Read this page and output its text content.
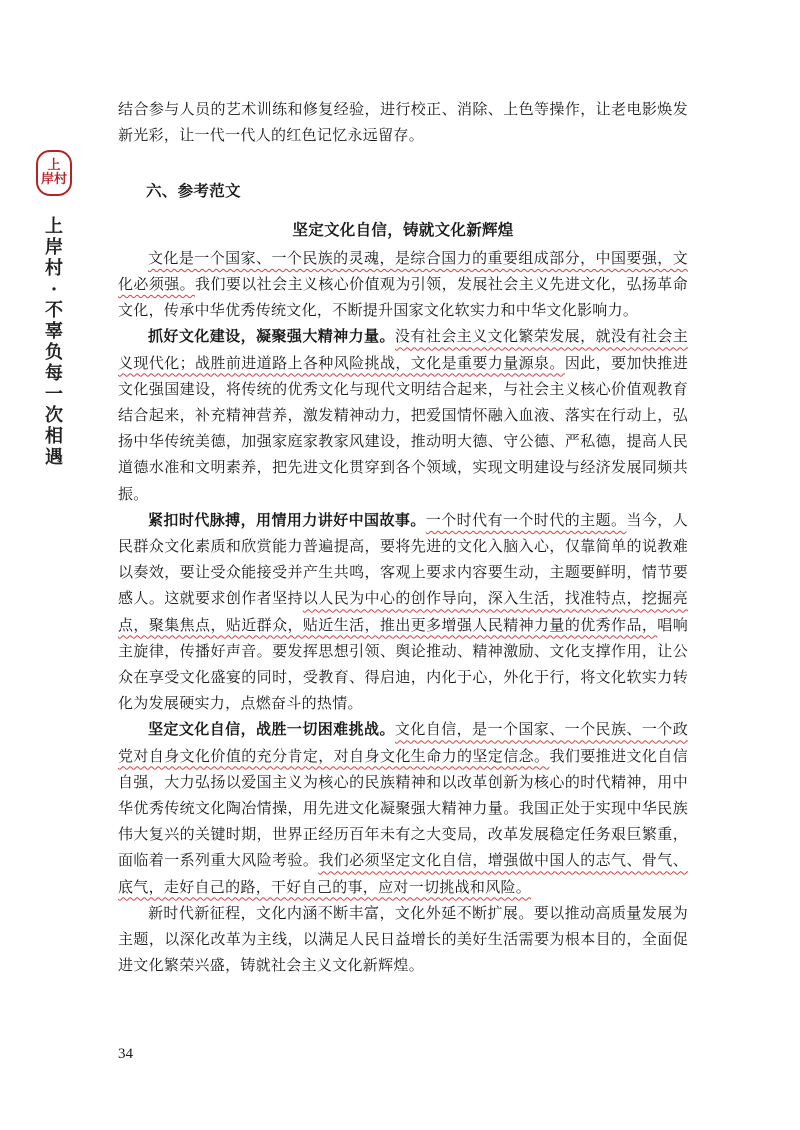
上
岸村
上
岸
村
·
不
辜
负
每
一
次
相
遇

结合参与人员的艺术训练和修复经验，进行校正、消除、上色等操作，让老电影焕发新光彩，让一代一代人的红色记忆永远留存。

六、参考范文
坚定文化自信，铸就文化新辉煌

文化是一个国家、一个民族的灵魂，是综合国力的重要组成部分，中国要强，文化必须强。我们要以社会主义核心价值观为引领，发展社会主义先进文化，弘扬革命文化，传承中华优秀传统文化，不断提升国家文化软实力和中华文化影响力。

抓好文化建设，凝聚强大精神力量。没有社会主义文化繁荣发展，就没有社会主义现代化；战胜前进道路上各种风险挑战，文化是重要力量源泉。因此，要加快推进文化强国建设，将传统的优秀文化与现代文明结合起来，与社会主义核心价值观教育结合起来，补充精神营养，激发精神动力，把爱国情怀融入血液、落实在行动上，弘扬中华传统美德，加强家庭家教家风建设，推动明大德、守公德、严私德，提高人民道德水准和文明素养，把先进文化贯穿到各个领域，实现文明建设与经济发展同频共振。

紧扣时代脉搏，用情用力讲好中国故事。一个时代有一个时代的主题。当今，人民群众文化素质和欣赏能力普遍提高，要将先进的文化入脑入心，仅靠简单的说教难以奏效，要让受众能接受并产生共鸣，客观上要求内容要生动，主题要鲜明，情节要感人。这就要求创作者坚持以人民为中心的创作导向，深入生活，找准特点，挖掘亮点，聚集焦点，贴近群众，贴近生活，推出更多增强人民精神力量的优秀作品，唱响主旋律，传播好声音。要发挥思想引领、舆论推动、精神激励、文化支撑作用，让公众在享受文化盛宴的同时，受教育、得启迪，内化于心，外化于行，将文化软实力转化为发展硬实力，点燃奋斗的热情。

坚定文化自信，战胜一切困难挑战。文化自信，是一个国家、一个民族、一个政党对自身文化价值的充分肯定，对自身文化生命力的坚定信念。我们要推进文化自信自强，大力弘扬以爱国主义为核心的民族精神和以改革创新为核心的时代精神，用中华优秀传统文化陶冶情操，用先进文化凝聚强大精神力量。我国正处于实现中华民族伟大复兴的关键时期，世界正经历百年未有之大变局，改革发展稳定任务艰巨繁重，面临着一系列重大风险考验。我们必须坚定文化自信，增强做中国人的志气、骨气、底气，走好自己的路，干好自己的事，应对一切挑战和风险。

新时代新征程，文化内涵不断丰富，文化外延不断扩展。要以推动高质量发展为主题，以深化改革为主线，以满足人民日益增长的美好生活需要为根本目的，全面促进文化繁荣兴盛，铸就社会主义文化新辉煌。

34
